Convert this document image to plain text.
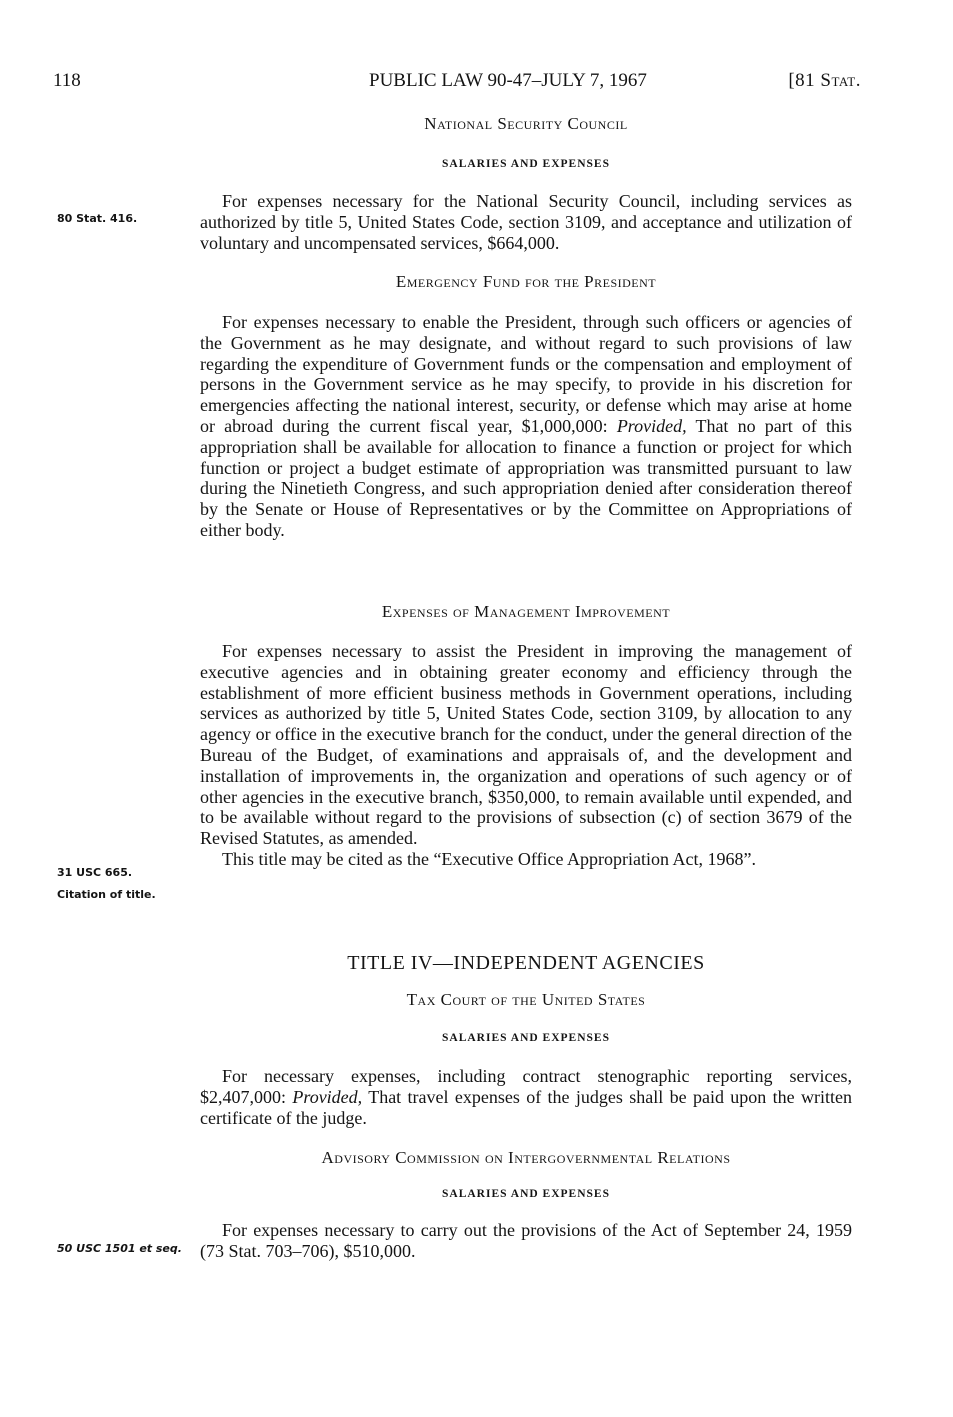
118	PUBLIC LAW 90-47–JULY 7, 1967	[81 Stat.
National Security Council
SALARIES AND EXPENSES
80 Stat. 416.

For expenses necessary for the National Security Council, including services as authorized by title 5, United States Code, section 3109, and acceptance and utilization of voluntary and uncompensated services, $664,000.

Emergency Fund for the President

For expenses necessary to enable the President, through such officers or agencies of the Government as he may designate, and without regard to such provisions of law regarding the expenditure of Government funds or the compensation and employment of persons in the Government service as he may specify, to provide in his discretion for emergencies affecting the national interest, security, or defense which may arise at home or abroad during the current fiscal year, $1,000,000: Provided, That no part of this appropriation shall be available for allocation to finance a function or project for which function or project a budget estimate of appropriation was transmitted pursuant to law during the Ninetieth Congress, and such appropriation denied after consideration thereof by the Senate or House of Representatives or by the Committee on Appropriations of either body.

Expenses of Management Improvement

For expenses necessary to assist the President in improving the management of executive agencies and in obtaining greater economy and efficiency through the establishment of more efficient business methods in Government operations, including services as authorized by title 5, United States Code, section 3109, by allocation to any agency or office in the executive branch for the conduct, under the general direction of the Bureau of the Budget, of examinations and appraisals of, and the development and installation of improvements in, the organization and operations of such agency or of other agencies in the executive branch, $350,000, to remain available until expended, and to be available without regard to the provisions of subsection (c) of section 3679 of the Revised Statutes, as amended.

This title may be cited as the “Executive Office Appropriation Act, 1968”.

31 USC 665.
Citation of title.
TITLE IV—INDEPENDENT AGENCIES
Tax Court of the United States
SALARIES AND EXPENSES

For necessary expenses, including contract stenographic reporting services, $2,407,000: Provided, That travel expenses of the judges shall be paid upon the written certificate of the judge.

Advisory Commission on Intergovernmental Relations
SALARIES AND EXPENSES

For expenses necessary to carry out the provisions of the Act of September 24, 1959 (73 Stat. 703–706), $510,000.

50 USC 1501 et seq.
